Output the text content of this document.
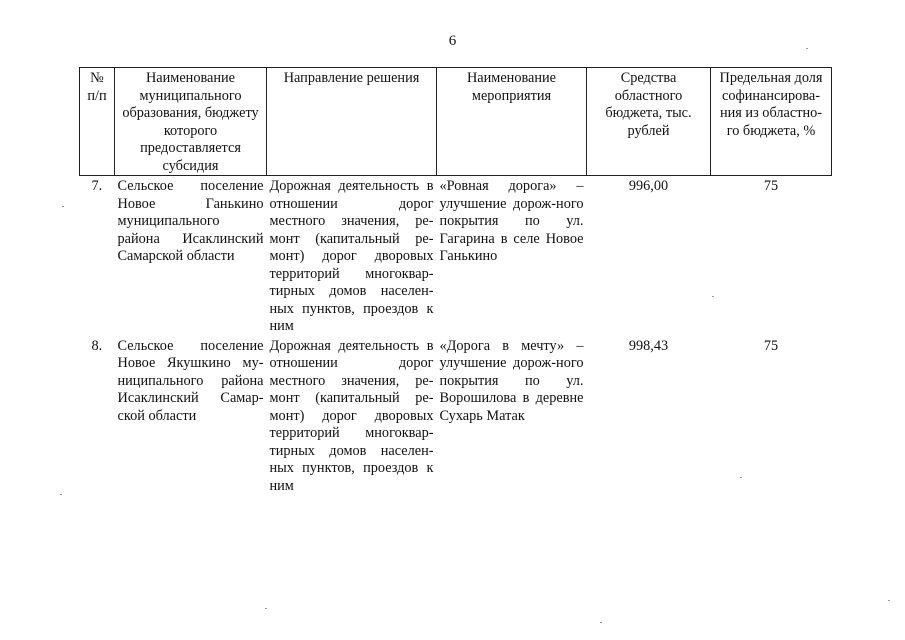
6
№ п/п	Наименование муниципального образования, бюджету которого предоставляется субсидия	Направление решения	Наименование мероприятия	Средства областного бюджета, тыс. рублей	Предельная доля софинансирова-ния из областно-го бюджета, %
7.	Сельское поселение Новое Ганькино муниципального района Исаклинский Самарской области	Дорожная деятельность в отношении дорог местного значения, ре-монт (капитальный ре-монт) дорог дворовых территорий многоквар-тирных домов населен-ных пунктов, проездов к ним	«Ровная дорога» – улучшение дорож-ного покрытия по ул. Гагарина в селе Новое Ганькино	996,00	75
8.	Сельское поселение Новое Якушкино му-ниципального района Исаклинский Самар-ской области	Дорожная деятельность в отношении дорог местного значения, ре-монт (капитальный ре-монт) дорог дворовых территорий многоквар-тирных домов населен-ных пунктов, проездов к ним	«Дорога в мечту» – улучшение дорож-ного покрытия по ул. Ворошилова в деревне Сухарь Матак	998,43	75
